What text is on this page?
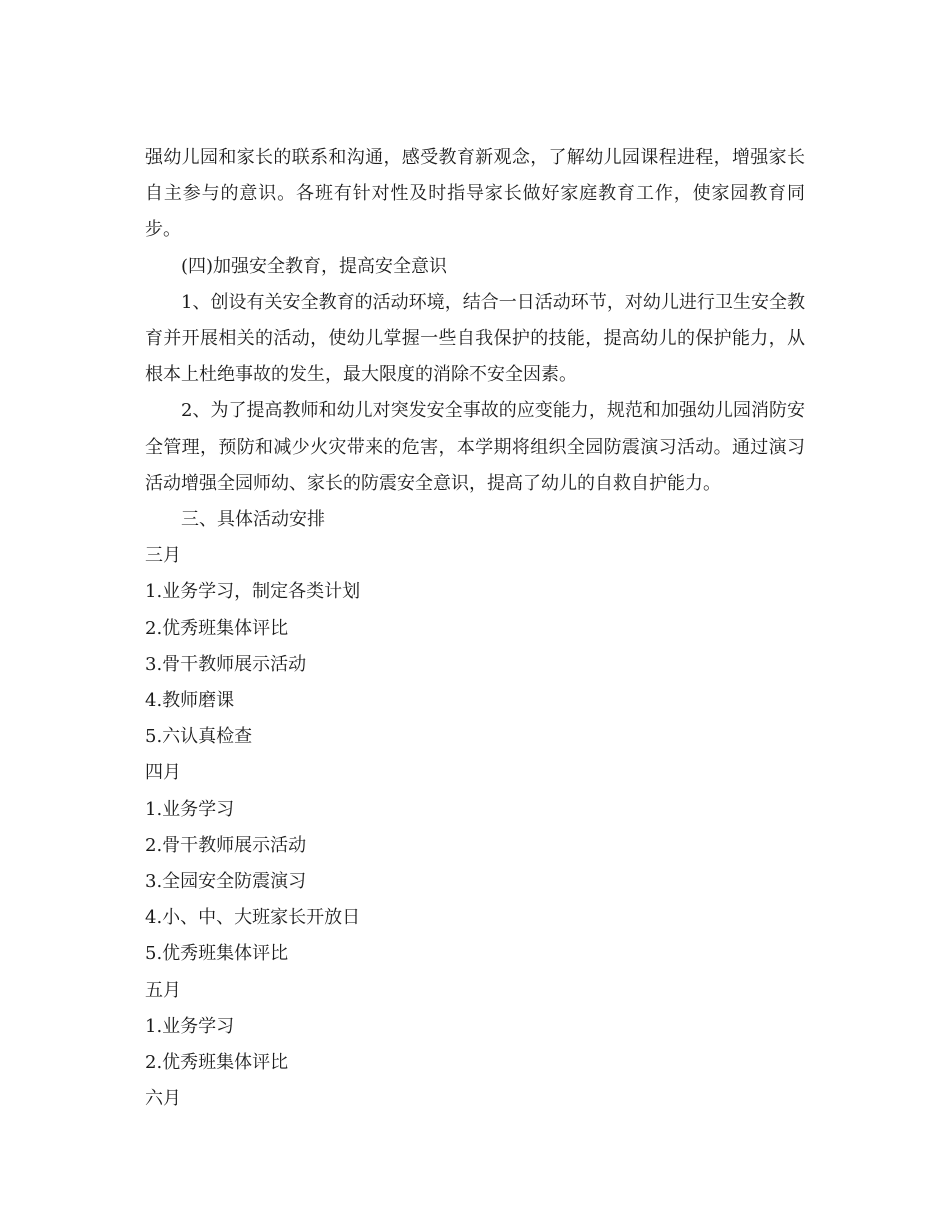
强幼儿园和家长的联系和沟通，感受教育新观念，了解幼儿园课程进程，增强家长自主参与的意识。各班有针对性及时指导家长做好家庭教育工作，使家园教育同步。

(四)加强安全教育，提高安全意识

1、创设有关安全教育的活动环境，结合一日活动环节，对幼儿进行卫生安全教育并开展相关的活动，使幼儿掌握一些自我保护的技能，提高幼儿的保护能力，从根本上杜绝事故的发生，最大限度的消除不安全因素。

2、为了提高教师和幼儿对突发安全事故的应变能力，规范和加强幼儿园消防安全管理，预防和减少火灾带来的危害，本学期将组织全园防震演习活动。通过演习活动增强全园师幼、家长的防震安全意识，提高了幼儿的自救自护能力。

三、具体活动安排

三月

1.业务学习，制定各类计划

2.优秀班集体评比

3.骨干教师展示活动

4.教师磨课

5.六认真检查

四月

1.业务学习

2.骨干教师展示活动

3.全园安全防震演习

4.小、中、大班家长开放日

5.优秀班集体评比

五月

1.业务学习

2.优秀班集体评比

六月
